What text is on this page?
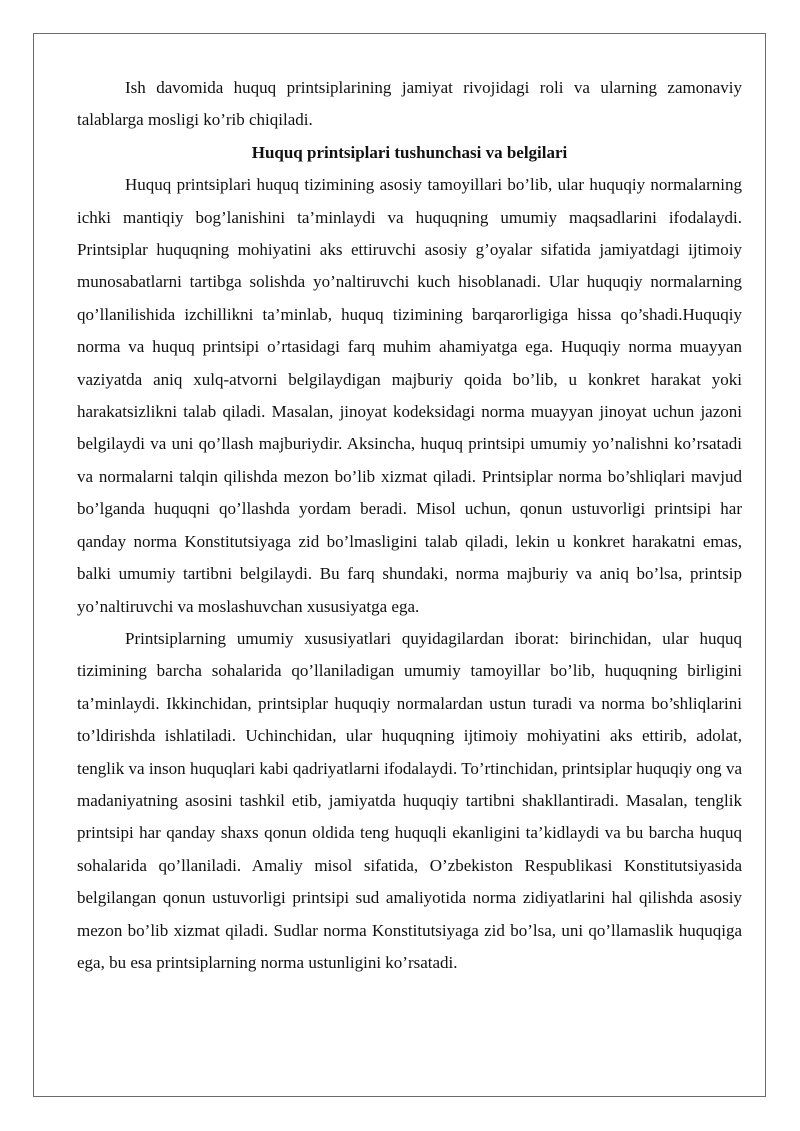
Ish davomida huquq printsiplarining jamiyat rivojidagi roli va ularning zamonaviy talablarga mosligi ko’rib chiqiladi.

Huquq printsiplari tushunchasi va belgilari

Huquq printsiplari huquq tizimining asosiy tamoyillari bo’lib, ular huquqiy normalarning ichki mantiqiy bog’lanishini ta’minlaydi va huquqning umumiy maqsadlarini ifodalaydi. Printsiplar huquqning mohiyatini aks ettiruvchi asosiy g’oyalar sifatida jamiyatdagi ijtimoiy munosabatlarni tartibga solishda yo’naltiruvchi kuch hisoblanadi. Ular huquqiy normalarning qo’llanilishida izchillikni ta’minlab, huquq tizimining barqarorligiga hissa qo’shadi.Huquqiy norma va huquq printsipi o’rtasidagi farq muhim ahamiyatga ega. Huquqiy norma muayyan vaziyatda aniq xulq-atvorni belgilaydigan majburiy qoida bo’lib, u konkret harakat yoki harakatsizlikni talab qiladi. Masalan, jinoyat kodeksidagi norma muayyan jinoyat uchun jazoni belgilaydi va uni qo’llash majburiydir. Aksincha, huquq printsipi umumiy yo’nalishni ko’rsatadi va normalarni talqin qilishda mezon bo’lib xizmat qiladi. Printsiplar norma bo’shliqlari mavjud bo’lganda huquqni qo’llashda yordam beradi. Misol uchun, qonun ustuvorligi printsipi har qanday norma Konstitutsiyaga zid bo’lmasligini talab qiladi, lekin u konkret harakatni emas, balki umumiy tartibni belgilaydi. Bu farq shundaki, norma majburiy va aniq bo’lsa, printsip yo’naltiruvchi va moslashuvchan xususiyatga ega.

Printsiplarning umumiy xususiyatlari quyidagilardan iborat: birinchidan, ular huquq tizimining barcha sohalarida qo’llaniladigan umumiy tamoyillar bo’lib, huquqning birligini ta’minlaydi. Ikkinchidan, printsiplar huquqiy normalardan ustun turadi va norma bo’shliqlarini to’ldirishda ishlatiladi. Uchinchidan, ular huquqning ijtimoiy mohiyatini aks ettirib, adolat, tenglik va inson huquqlari kabi qadriyatlarni ifodalaydi. To’rtinchidan, printsiplar huquqiy ong va madaniyatning asosini tashkil etib, jamiyatda huquqiy tartibni shakllantiradi. Masalan, tenglik printsipi har qanday shaxs qonun oldida teng huquqli ekanligini ta’kidlaydi va bu barcha huquq sohalarida qo’llaniladi. Amaliy misol sifatida, O’zbekiston Respublikasi Konstitutsiyasida belgilangan qonun ustuvorligi printsipi sud amaliyotida norma zidiyatlarini hal qilishda asosiy mezon bo’lib xizmat qiladi. Sudlar norma Konstitutsiyaga zid bo’lsa, uni qo’llamaslik huquqiga ega, bu esa printsiplarning norma ustunligini ko’rsatadi.
